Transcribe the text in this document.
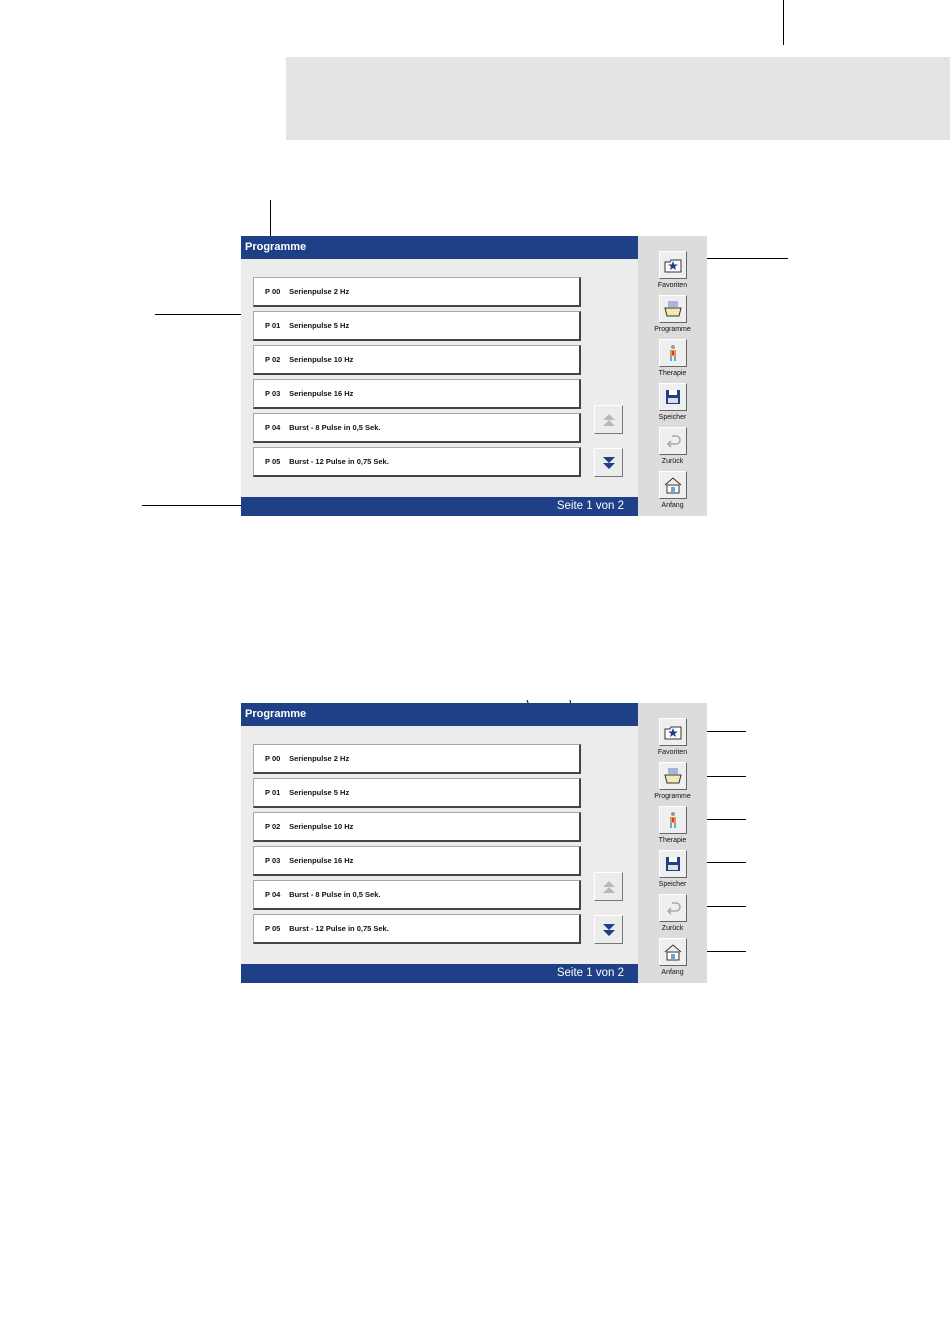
Programme
P 00 Serienpulse 2 Hz
P 01 Serienpulse 5 Hz
P 02 Serienpulse 10 Hz
P 03 Serienpulse 16 Hz
P 04 Burst - 8 Pulse in 0,5 Sek.
P 05 Burst - 12 Pulse in 0,75 Sek.
Seite 1 von 2
Favoriten
Programme
Therapie
Speicher
Zurück
Anfang
Programme
P 00 Serienpulse 2 Hz
P 01 Serienpulse 5 Hz
P 02 Serienpulse 10 Hz
P 03 Serienpulse 16 Hz
P 04 Burst - 8 Pulse in 0,5 Sek.
P 05 Burst - 12 Pulse in 0,75 Sek.
Seite 1 von 2
Favoriten
Programme
Therapie
Speicher
Zurück
Anfang
